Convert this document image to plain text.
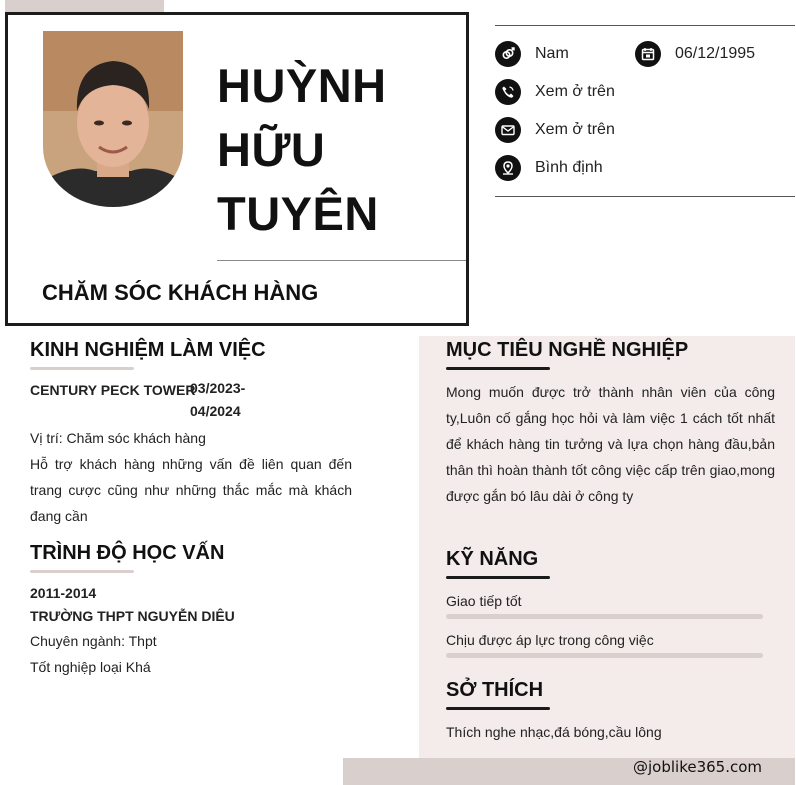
HUỲNH
HỮU
TUYÊN
CHĂM SÓC KHÁCH HÀNG
Nam	06/12/1995
Xem ở trên
Xem ở trên
Bình định
KINH NGHIỆM LÀM VIỆC
CENTURY PECK TOWER
03/2023-
04/2024
Vị trí: Chăm sóc khách hàng
Hỗ trợ khách hàng những vấn đề liên quan đến trang cược cũng như những thắc mắc mà khách đang cần
TRÌNH ĐỘ HỌC VẤN
2011-2014
TRƯỜNG THPT NGUYỄN DIÊU
Chuyên ngành: Thpt
Tốt nghiệp loại Khá
MỤC TIÊU NGHỀ NGHIỆP
Mong muốn được trở thành nhân viên của công ty,Luôn cố gắng học hỏi và làm việc 1 cách tốt nhất để khách hàng tin tưởng và lựa chọn hàng đầu,bản thân thì hoàn thành tốt công việc cấp trên giao,mong được gắn bó lâu dài ở công ty
KỸ NĂNG
Giao tiếp tốt
Chịu được áp lực trong công việc
SỞ THÍCH
Thích nghe nhạc,đá bóng,cầu lông
@joblike365.com
